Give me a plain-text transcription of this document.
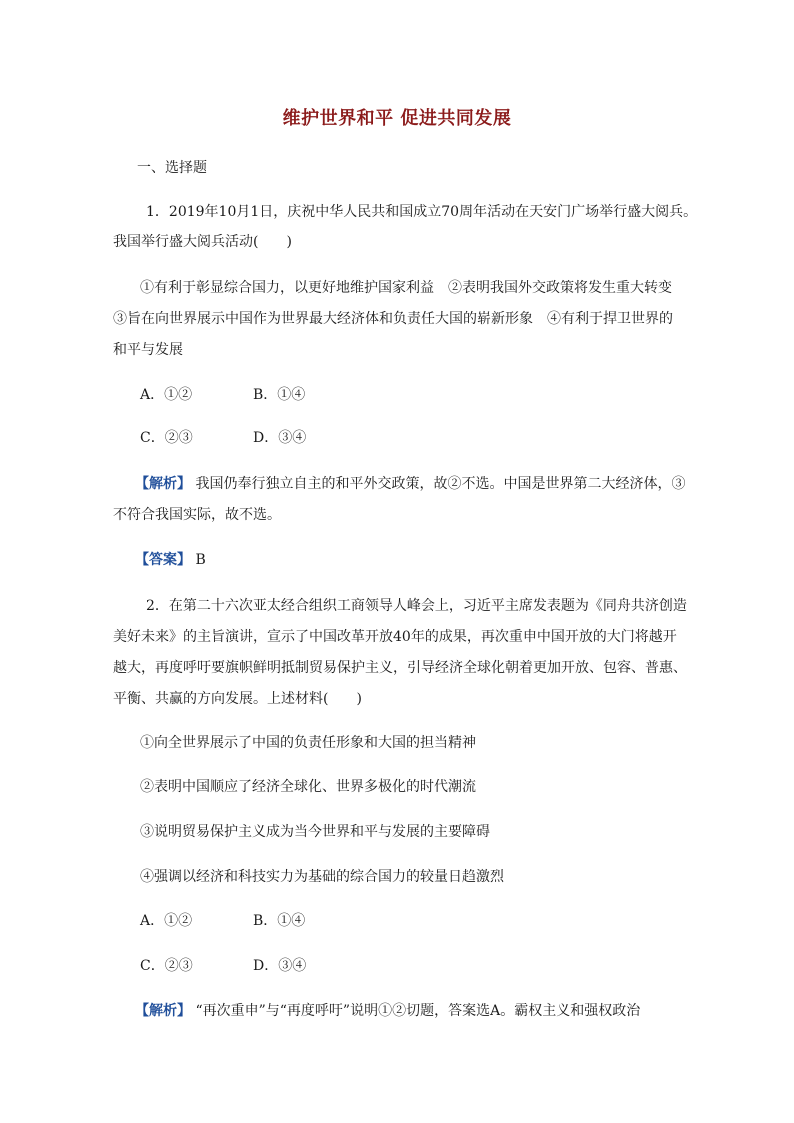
维护世界和平 促进共同发展
一、选择题
1．2019年10月1日，庆祝中华人民共和国成立70周年活动在天安门广场举行盛大阅兵。
我国举行盛大阅兵活动(　　)
①有利于彰显综合国力，以更好地维护国家利益　②表明我国外交政策将发生重大转变
③旨在向世界展示中国作为世界最大经济体和负责任大国的崭新形象　④有利于捍卫世界的
和平与发展
A．①②	B．①④
C．②③	D．③④
【解析】 我国仍奉行独立自主的和平外交政策，故②不选。中国是世界第二大经济体，③
不符合我国实际，故不选。
【答案】 B
2．在第二十六次亚太经合组织工商领导人峰会上，习近平主席发表题为《同舟共济创造
美好未来》的主旨演讲，宣示了中国改革开放40年的成果，再次重申中国开放的大门将越开
越大，再度呼吁要旗帜鲜明抵制贸易保护主义，引导经济全球化朝着更加开放、包容、普惠、
平衡、共赢的方向发展。上述材料(　　)
①向全世界展示了中国的负责任形象和大国的担当精神
②表明中国顺应了经济全球化、世界多极化的时代潮流
③说明贸易保护主义成为当今世界和平与发展的主要障碍
④强调以经济和科技实力为基础的综合国力的较量日趋激烈
A．①②	B．①④
C．②③	D．③④
【解析】 “再次重申”与“再度呼吁”说明①②切题，答案选A。霸权主义和强权政治
